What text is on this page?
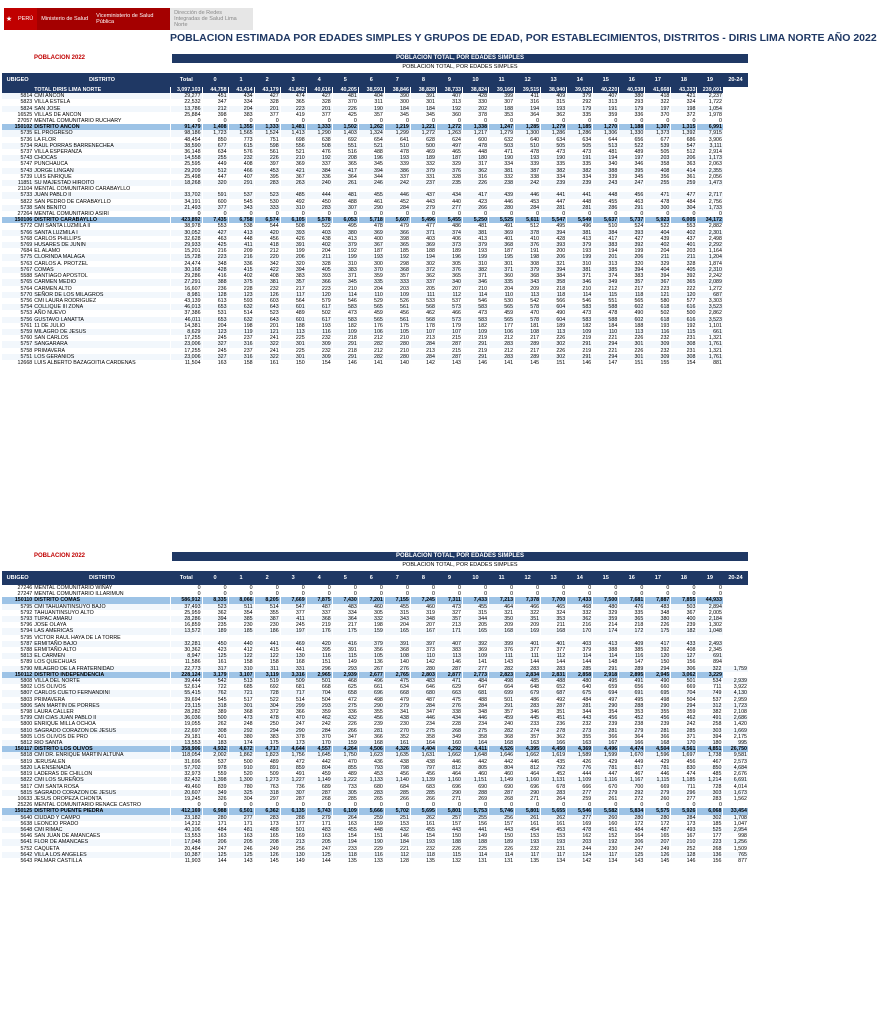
★	PERÚ	Ministerio de Salud	Viceministerio de Salud Pública
Dirección de Redes Integradas de Salud Lima Norte
POBLACION ESTIMADA POR EDADES SIMPLES Y GRUPOS DE EDAD, POR ESTABLECIMIENTOS, DISTRITOS - DIRIS LIMA NORTE AÑO 2022
POBLACION 2022	POBLACION TOTAL, POR EDADES SIMPLES
POBLACION TOTAL, POR EDADES SIMPLES
UBIGEO	DISTRITO	Total	0	1	2	3	4	5	6	7	8	9	10	11	12	13	14	15	16	17	18	19	20-24
	TOTAL DIRIS LIMA NORTE	3,097,103	44,758	43,414	43,179	41,842	40,616	40,205	38,591	38,846	38,828	38,733	38,824	39,166	39,515	38,940	39,626	40,220	40,538	41,668	43,333	239,091	
5814	CMI ANCON	29,277	451	434	427	474	427	481	404	390	391	407	428	399	411	409	379	407	380	418	421	2,237	
5823	VILLA ESTELA	22,532	347	334	328	365	328	370	311	300	301	313	330	307	316	315	292	313	293	322	324	1,722	
5824	SAN JOSE	13,786	212	204	201	223	201	226	190	184	184	192	202	188	194	193	179	191	179	197	198	1,054	
16525	VILLAS DE ANCON	25,884	398	383	377	419	377	425	357	345	345	360	378	353	364	362	335	359	336	370	372	1,978	
27057	MENTAL COMUNITARIO RUCHARY	0	0	0	0	0	0	0	0	0	0	0	0	0	0	0	0	0	0	0	0	0	
150102	DISTRITO ANCON	91,479	1,408	1,355	1,333	1,481	1,333	1,502	1,262	1,219	1,221	1,272	1,338	1,247	1,285	1,279	1,185	1,270	1,188	1,307	1,315	6,991	
5735	EL PROGRESO	98,186	1,723	1,565	1,524	1,413	1,290	1,403	1,324	1,299	1,272	1,263	1,217	1,279	1,300	1,286	1,286	1,306	1,330	1,373	1,392	7,915	
5736	LA FLOR	48,454	850	773	751	698	638	692	654	641	628	624	600	632	640	634	634	644	656	677	686	3,906	
5734	RAUL PORRAS BARRENECHEA	38,590	677	615	598	556	508	551	521	510	500	497	478	503	510	505	505	513	522	539	547	3,111	
5737	VILLA ESPERANZA	36,148	634	576	561	521	476	516	488	478	469	465	448	471	478	473	473	481	489	505	512	2,914	
5743	CHOCAS	14,558	255	232	226	210	192	208	196	193	189	187	180	190	193	190	191	194	197	203	206	1,173	
5747	PUNCHAUCA	25,595	449	408	397	369	337	365	345	339	332	329	317	334	339	335	335	340	346	358	363	2,063	
5743	JORGE LINGAN	29,209	512	466	453	421	384	417	394	386	379	376	362	381	387	382	382	388	395	408	414	2,355	
5739	LUIS ENRIQUE	25,498	447	407	395	367	336	364	344	337	331	328	316	332	338	334	334	339	345	356	361	2,056	
11851	SU MAJESTAD HIROITO	18,268	320	291	283	263	240	261	246	242	237	235	226	238	242	239	239	243	247	255	259	1,473	
21104	MENTAL COMUNITARIO CARABAYLLO																						
5733	JUAN PABLO II	33,702	591	537	523	485	444	481	455	446	437	434	417	439	446	441	441	448	456	471	477	2,717	
5822	SAN PEDRO DE CARABAYLLO	34,191	600	545	530	492	450	488	461	452	443	440	423	446	453	447	448	455	463	478	484	2,756	
5738	SAN BENITO	21,493	377	343	333	310	283	307	290	284	279	277	266	280	284	281	281	286	291	300	304	1,733	
27264	MENTAL COMUNITARIO ASIRI	0	0	0	0	0	0	0	0	0	0	0	0	0	0	0	0	0	0	0	0	0	
150106	DISTRITO CARABAYLLO	423,892	7,435	6,758	6,574	6,105	5,578	6,053	5,718	5,607	5,496	5,455	5,250	5,525	5,611	5,547	5,549	5,637	5,737	5,923	6,005	34,172	
5772	CMI SANTA LUZMILA II	38,978	553	538	544	508	522	495	478	479	477	486	481	491	512	495	496	510	524	522	553	2,882	
5766	SANTA LUZMILA I	30,052	427	413	420	393	403	380	369	366	371	374	381	369	378	394	381	384	393	404	402	2,301	
5768	CARLOS PHILLIPS	32,628	463	448	456	426	438	413	400	398	403	406	413	401	410	428	413	417	427	439	437	2,498	
5769	HUSARES DE JUNIN	29,933	425	411	418	391	402	379	367	365	369	373	379	368	376	393	379	383	392	402	401	2,292	
7684	EL ALAMO	15,201	216	209	212	199	204	192	187	185	188	189	193	187	191	200	193	194	199	204	203	1,164	
5775	CLORINDA MALAGA	15,728	223	216	220	206	211	199	193	192	194	196	199	195	198	206	199	201	206	211	211	1,204	
5763	CARLOS A. PROTZEL	24,474	348	336	342	320	328	310	300	298	302	305	310	301	308	321	310	313	320	329	328	1,874	
5767	COMAS	30,168	428	415	422	394	405	383	370	368	372	376	382	371	379	394	381	385	394	404	405	2,310	
5588	SANTIAGO APOSTOL	29,286	416	402	408	383	393	371	359	357	362	365	371	360	368	384	371	374	383	394	392	2,242	
5765	CARMEN MEDIO	27,291	388	375	381	357	366	345	335	333	337	340	346	335	343	358	346	349	357	367	365	2,089	
5764	CARMEN ALTO	16,607	236	228	232	217	223	210	204	203	205	207	210	204	209	218	210	212	217	223	222	1,272	
5770	SEÑOR DE LOS MILAGROS	8,981	128	123	126	117	120	114	110	109	111	112	114	110	113	118	114	115	118	121	120	687	
5756	CMI LAURA RODRIGUEZ	43,139	613	593	603	564	579	546	529	526	533	537	546	530	542	566	546	551	565	580	577	3,303	
5754	COLLIQUE III ZONA	46,013	653	632	643	601	617	583	565	561	568	573	583	565	578	604	583	588	602	618	616	3,523	
5753	AÑO NUEVO	37,386	531	514	523	489	502	473	459	456	462	466	473	459	470	490	473	478	490	502	500	2,862	
5756	GUSTAVO LANATTA	46,011	653	632	643	601	617	583	565	561	568	573	583	565	578	604	583	588	602	618	616	3,523	
5761	11 DE JULIO	14,381	204	198	201	188	193	182	176	175	178	179	182	177	181	189	182	184	188	193	192	1,101	
5759	MILAGRO DE JESUS	8,629	123	119	121	113	116	109	106	105	107	107	109	106	108	113	109	110	113	116	115	661	
5760	SAN CARLOS	17,255	245	237	241	225	232	218	212	210	213	215	219	212	217	226	219	221	226	232	231	1,321	
5757	SANGARARA	23,006	327	316	322	301	309	291	282	280	284	287	291	283	289	302	291	294	301	309	308	1,761	
5758	PRIMAVERA	17,255	245	237	241	225	232	218	212	210	213	215	219	212	217	226	219	221	226	232	231	1,321	
5751	LOS GERANIOS	23,006	327	316	322	301	309	291	282	280	284	287	291	283	289	302	291	294	301	309	308	1,761	
12668	LUIS ALBERTO BAZAGOITIA CARDENAS	11,504	163	158	161	150	154	146	141	140	142	143	146	141	145	151	146	147	151	155	154	881	
POBLACION 2022	POBLACION TOTAL, POR EDADES SIMPLES
POBLACION TOTAL, POR EDADES SIMPLES
UBIGEO	DISTRITO	Total	0	1	2	3	4	5	6	7	8	9	10	11	12	13	14	15	16	17	18	19	20-24
27246	MENTAL COMUNITARIO WIÑAY	0	0	0	0	0	0	0	0	0	0	0	0	0	0	0	0	0	0	0	0	0	
27247	MENTAL COMUNITARIO ILLARIMUN	0	0	0	0	0	0	0	0	0	0	0	0	0	0	0	0	0	0	0	0	0	
150110	DISTRITO COMAS	586,912	8,335	8,066	8,205	7,669	7,875	7,430	7,201	7,155	7,245	7,311	7,433	7,213	7,378	7,700	7,433	7,500	7,681	7,887	7,855	44,933	
5795	CMI TAHUANTINSUYO BAJO	37,493	523	511	514	547	487	483	460	455	460	473	455	464	466	465	468	480	476	483	503	2,894	
5792	TAHUANTINSUYO ALTO	25,959	362	354	355	377	337	334	305	315	319	327	315	321	322	324	332	329	335	348	367	2,005	
5793	TUPAC AMARU	28,286	394	385	387	411	368	364	332	343	348	357	344	350	351	353	362	359	365	380	400	2,184	
5796	JOSE OLAYA	16,859	235	230	230	245	219	217	198	204	207	213	205	209	209	211	216	214	218	226	239	1,302	
5794	LAS AMERICAS	13,572	189	185	186	197	176	175	159	165	167	171	165	168	169	168	170	174	172	175	182	1,048	
5795	VICTOR RAUL HAYA DE LA TORRE																						
5787	ERMITAÑO BAJO	32,281	450	440	441	469	420	416	379	391	397	407	392	399	401	401	403	413	409	417	433	2,493	
5788	ERMITAÑO ALTO	30,362	423	412	415	441	395	391	356	368	373	383	369	376	377	377	379	388	385	392	408	2,345	
5813	EL CARMEN	8,947	125	122	122	130	116	115	105	108	110	113	109	111	111	112	114	114	116	120	127	691	
5789	LOS QUECHUAS	11,586	161	158	158	168	151	149	136	140	142	146	141	143	144	144	144	148	147	150	156	894	
5790	MILAGRO DE LA FRATERNIDAD	22,773	317	310	311	331	296	293	267	276	280	287	277	282	283	283	285	291	289	294	306	322	1,759
150112	DISTRITO INDEPENDENCIA	228,124	3,179	3,107	3,119	3,316	2,965	2,939	2,677	2,765	2,803	2,877	2,773	2,823	2,834	2,831	2,858	2,918	2,895	2,945	3,062	3,229	
5808	VILLA DEL NORTE	39,444	542	513	519	509	501	468	496	475	483	471	484	498	485	488	480	495	491	490	501	534	2,939
5802	LOS OLIVOS	52,614	722	685	692	681	668	625	661	634	646	629	647	664	648	652	640	659	656	660	669	711	3,922
5807	CARLOS CUETO FERNANDINI	55,415	762	721	728	717	704	658	696	668	680	663	681	699	679	687	675	694	691	695	704	749	4,130
5803	PRIMAVERA	39,694	545	517	522	514	504	472	498	479	487	475	488	501	486	492	484	497	495	498	504	537	2,959
5806	SAN MARTIN DE PORRES	23,115	318	301	304	299	293	275	290	279	284	276	284	291	283	287	281	290	288	290	294	312	1,723
5798	LAURA CALLER	28,282	389	368	372	366	359	336	355	341	347	338	348	357	346	351	344	354	353	355	359	382	2,108
5799	CMI CIAS JUAN PABLO II	36,036	500	473	478	470	462	432	456	438	446	434	446	459	445	451	443	456	452	456	462	491	2,686
5800	ENRIQUE MILLA OCHOA	19,055	262	248	250	247	242	226	239	230	234	228	234	240	233	236	232	239	238	239	242	258	1,420
5810	SAGRADO CORAZON DE JESUS	22,697	308	292	294	290	284	266	281	270	275	268	275	282	274	278	273	281	279	281	285	303	1,669
5805	LOS OLIVOS DE PRO	29,181	401	380	383	378	370	347	366	352	358	349	358	368	357	362	355	366	364	366	371	394	2,175
5812	RIO SANTA	13,553	183	174	175	173	170	159	168	161	164	160	164	168	163	166	163	167	166	168	170	180	995
150117	DISTRITO LOS OLIVOS	358,906	4,932	4,672	4,717	4,644	4,557	4,264	4,506	4,326	4,404	4,292	4,411	4,526	4,395	4,450	4,369	4,496	4,474	4,504	4,561	4,851	26,750
5818	CMI DR. ENRIQUE MARTIN ALTUNA	118,054	2,002	1,862	1,823	1,756	1,645	1,750	1,623	1,635	1,631	1,662	1,648	1,646	1,662	1,619	1,589	1,599	1,670	1,596	1,697	1,738	9,581
5819	JERUSALEN	31,696	537	500	489	472	442	470	436	438	438	446	442	442	446	435	426	429	449	429	456	467	2,573
5820	LA ENSENADA	57,702	978	910	891	859	804	855	793	798	797	812	805	804	812	792	776	781	817	781	830	850	4,684
5819	LADERAS DE CHILLON	32,973	559	520	509	491	459	489	453	456	456	464	460	460	464	452	444	447	467	446	474	485	2,676
5822	CMI LOS SUREÑOS	82,432	1,398	1,300	1,273	1,227	1,149	1,222	1,133	1,140	1,139	1,160	1,151	1,149	1,160	1,131	1,109	1,116	1,167	1,115	1,185	1,214	6,691
5817	CMI SANTA ROSA	49,460	839	780	763	736	689	733	680	684	683	696	690	690	696	678	666	670	700	669	711	728	4,014
5815	SAGRADO CORAZON DE JESUS	20,607	349	325	318	307	287	305	283	285	285	290	288	287	290	283	277	279	292	279	296	303	1,673
10633	JESUS OROPEZA CHONTA	19,245	326	304	297	287	268	285	265	266	266	271	269	268	271	264	259	261	272	260	277	283	1,562
25226	MENTAL COMUNITARIO RENACE CASTRO	0	0	0	0	0	0	0	0	0	0	0	0	0	0	0	0	0	0	0	0	0	
150125	DISTRITO PUENTE PIEDRA	412,169	6,988	6,501	6,362	6,135	5,743	6,109	5,666	5,702	5,695	5,801	5,753	5,746	5,801	5,655	5,546	5,582	5,834	5,575	5,926	6,068	33,454
5640	CIUDAD Y CAMPO	23,182	280	277	283	288	279	264	259	251	262	257	255	256	261	262	277	260	280	280	284	302	1,708
5638	LEONCIO PRADO	14,212	171	171	173	177	171	163	159	153	161	157	156	157	161	161	169	160	172	172	173	185	1,047
5648	CMI RIMAC	40,106	484	481	488	501	483	455	448	432	455	443	441	443	454	453	478	451	484	487	493	525	2,954
5646	SAN JUAN DE AMANCAES	13,553	163	163	165	169	163	154	151	146	154	150	149	150	153	153	162	152	164	165	167	177	998
5641	FLOR DE AMANCAES	17,048	206	205	208	213	205	194	190	184	193	188	188	189	193	193	203	192	206	207	210	223	1,256
5752	CAQUETA	20,484	247	246	249	256	247	233	229	221	232	226	225	226	232	231	244	230	247	249	252	268	1,509
5642	VILLA LOS ANGELES	10,387	125	125	126	130	125	118	116	112	118	115	114	114	117	117	124	117	125	126	128	136	765
5643	PALMAR CASTILLA	11,903	144	143	145	149	144	135	133	128	135	132	131	131	135	134	142	134	143	145	146	156	877
